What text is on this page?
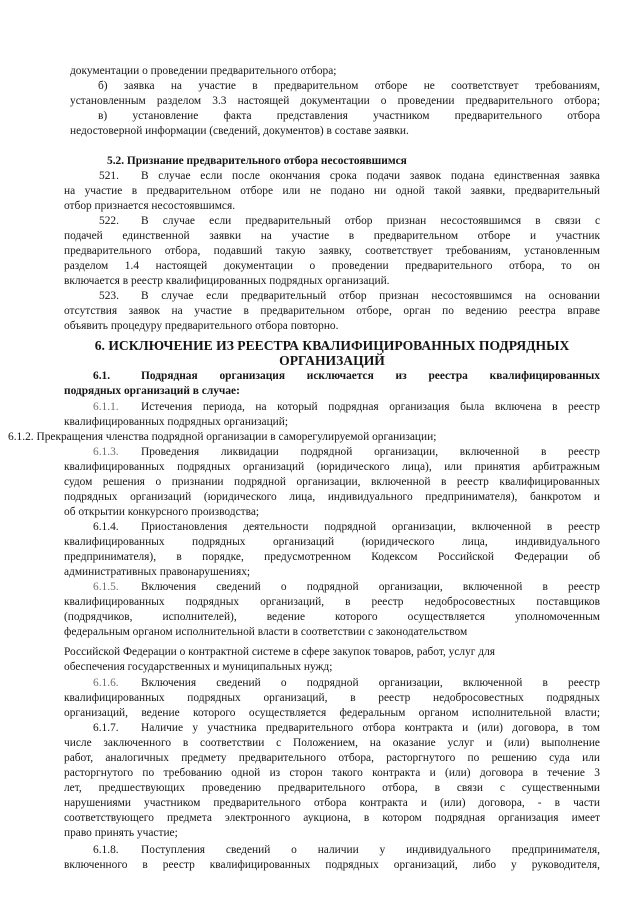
документации о проведении предварительного отбора;
б) заявка на участие в предварительном отборе не соответствует требованиям,
установленным разделом 3.3 настоящей документации о проведении предварительного отбора;
в) установление факта представления участником предварительного отбора
недостоверной информации (сведений, документов) в составе заявки.
5.2. Признание предварительного отбора несостоявшимся
521. В случае если после окончания срока подачи заявок подана единственная заявка
на участие в предварительном отборе или не подано ни одной такой заявки, предварительный
отбор признается несостоявшимся.
522. В случае если предварительный отбор признан несостоявшимся в связи с
подачей единственной заявки на участие в предварительном отборе и участник
предварительного отбора, подавший такую заявку, соответствует требованиям, установленным
разделом 1.4 настоящей документации о проведении предварительного отбора, то он
включается в реестр квалифицированных подрядных организаций.
523. В случае если предварительный отбор признан несостоявшимся на основании
отсутствия заявок на участие в предварительном отборе, орган по ведению реестра вправе
объявить процедуру предварительного отбора повторно.
6. ИСКЛЮЧЕНИЕ ИЗ РЕЕСТРА КВАЛИФИЦИРОВАННЫХ ПОДРЯДНЫХ
ОРГАНИЗАЦИЙ
6.1.	Подрядная организация исключается из реестра квалифицированных
подрядных организаций в случае:
6.1.1. Истечения периода, на который подрядная организация была включена в реестр
квалифицированных подрядных организаций;
6.1.2. Прекращения членства подрядной организации в саморегулируемой организации;
6.1.3. Проведения ликвидации подрядной организации, включенной в реестр
квалифицированных подрядных организаций (юридического лица), или принятия арбитражным
судом решения о признании подрядной организации, включенной в реестр квалифицированных
подрядных организаций (юридического лица, индивидуального предпринимателя), банкротом и
об открытии конкурсного производства;
6.1.4. Приостановления деятельности подрядной организации, включенной в реестр
квалифицированных подрядных организаций (юридического лица, индивидуального
предпринимателя), в порядке, предусмотренном Кодексом Российской Федерации об
административных правонарушениях;
6.1.5. Включения сведений о подрядной организации, включенной в реестр
квалифицированных подрядных организаций, в реестр недобросовестных поставщиков
(подрядчиков, исполнителей), ведение которого осуществляется уполномоченным
федеральным органом исполнительной власти в соответствии с законодательством
Российской Федерации о контрактной системе в сфере закупок товаров, работ, услуг для
обеспечения государственных и муниципальных нужд;
6.1.6. Включения сведений о подрядной организации, включенной в реестр
квалифицированных подрядных организаций, в реестр недобросовестных подрядных
организаций, ведение которого осуществляется федеральным органом исполнительной власти;
6.1.7. Наличие у участника предварительного отбора контракта и (или) договора, в том
числе заключенного в соответствии с Положением, на оказание услуг и (или) выполнение
работ, аналогичных предмету предварительного отбора, расторгнутого по решению суда или
расторгнутого по требованию одной из сторон такого контракта и (или) договора в течение 3
лет, предшествующих проведению предварительного отбора, в связи с существенными
нарушениями участником предварительного отбора контракта и (или) договора, - в части
соответствующего предмета электронного аукциона, в котором подрядная организация имеет
право принять участие;
6.1.8. Поступления сведений о наличии у индивидуального предпринимателя,
включенного в реестр квалифицированных подрядных организаций, либо у руководителя,
